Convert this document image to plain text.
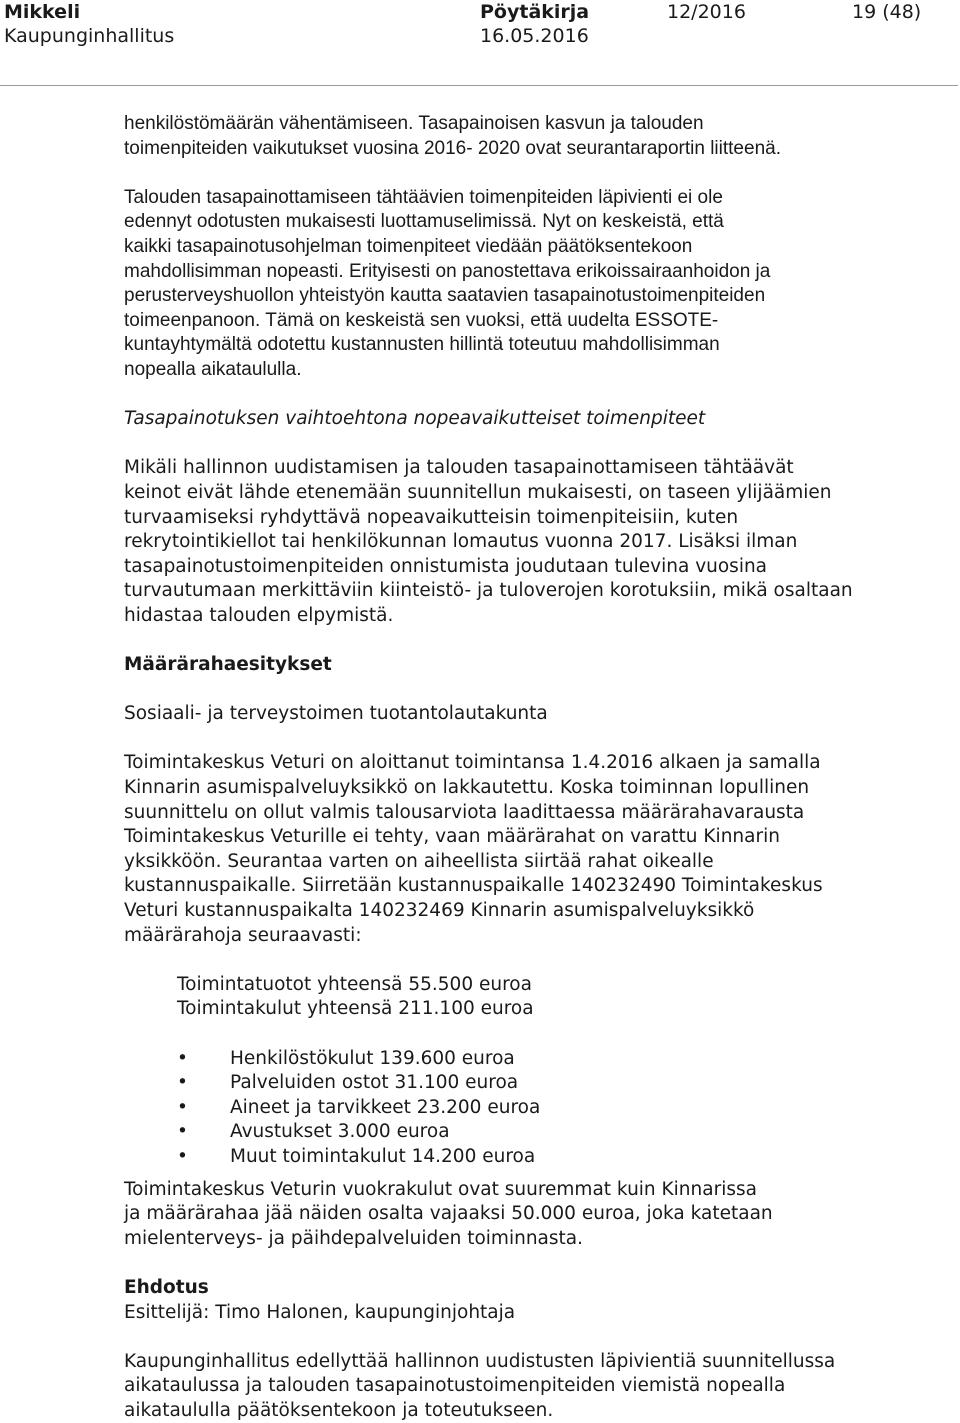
Mikkeli
Kaupunginhallitus
Pöytäkirja
16.05.2016
12/2016	19 (48)

henkilöstömäärän vähentämiseen. Tasapainoisen kasvun ja talouden
toimenpiteiden vaikutukset vuosina 2016- 2020 ovat seurantaraportin liitteenä.

Talouden tasapainottamiseen tähtäävien toimenpiteiden läpivienti ei ole
edennyt odotusten mukaisesti luottamuselimissä. Nyt on keskeistä, että
kaikki tasapainotusohjelman toimenpiteet viedään päätöksentekoon
mahdollisimman nopeasti. Erityisesti on panostettava erikoissairaanhoidon ja
perusterveyshuollon yhteistyön kautta saatavien tasapainotustoimenpiteiden
toimeenpanoon. Tämä on keskeistä sen vuoksi, että uudelta ESSOTE-
kuntayhtymältä odotettu kustannusten hillintä toteutuu mahdollisimman
nopealla aikataululla.

Tasapainotuksen vaihtoehtona nopeavaikutteiset toimenpiteet

Mikäli hallinnon uudistamisen ja talouden tasapainottamiseen tähtäävät
keinot eivät lähde etenemään suunnitellun mukaisesti, on taseen ylijäämien
turvaamiseksi ryhdyttävä nopeavaikutteisin toimenpiteisiin, kuten
rekrytointikiellot tai henkilökunnan lomautus vuonna 2017. Lisäksi ilman
tasapainotustoimenpiteiden onnistumista joudutaan tulevina vuosina
turvautumaan merkittäviin kiinteistö- ja tuloverojen korotuksiin, mikä osaltaan
hidastaa talouden elpymistä.

Määrärahaesitykset

Sosiaali- ja terveystoimen tuotantolautakunta

Toimintakeskus Veturi on aloittanut toimintansa 1.4.2016 alkaen ja samalla
Kinnarin asumispalveluyksikkö on lakkautettu. Koska toiminnan lopullinen
suunnittelu on ollut valmis talousarviota laadittaessa määrärahavarausta
Toimintakeskus Veturille ei tehty, vaan määrärahat on varattu Kinnarin
yksikköön. Seurantaa varten on aiheellista siirtää rahat oikealle
kustannuspaikalle. Siirretään kustannuspaikalle 140232490 Toimintakeskus
Veturi kustannuspaikalta 140232469 Kinnarin asumispalveluyksikkö
määrärahoja seuraavasti:

Toimintatuotot yhteensä 55.500 euroa
Toimintakulut yhteensä 211.100 euroa

•	Henkilöstökulut 139.600 euroa
•	Palveluiden ostot 31.100 euroa
•	Aineet ja tarvikkeet 23.200 euroa
•	Avustukset 3.000 euroa
•	Muut toimintakulut 14.200 euroa

Toimintakeskus Veturin vuokrakulut ovat suuremmat kuin Kinnarissa
ja määrärahaa jää näiden osalta vajaaksi 50.000 euroa, joka katetaan
mielenterveys- ja päihdepalveluiden toiminnasta.

Ehdotus

Esittelijä: Timo Halonen, kaupunginjohtaja

Kaupunginhallitus edellyttää hallinnon uudistusten läpivientiä suunnitellussa
aikataulussa ja talouden tasapainotustoimenpiteiden viemistä nopealla
aikataululla päätöksentekoon ja toteutukseen.
